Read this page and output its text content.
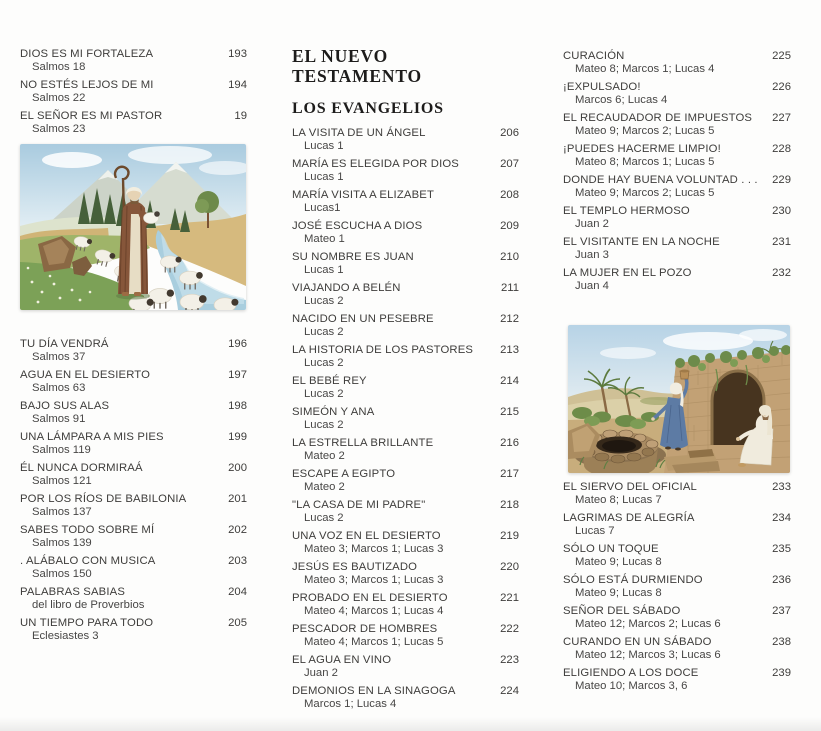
DIOS ES MI FORTALEZA
Salmos 18
193
NO ESTÉS LEJOS DE MI
Salmos 22
194
EL SEÑOR ES MI PASTOR
Salmos 23
19
TU DÍA VENDRÁ
Salmos 37
196
AGUA EN EL DESIERTO
Salmos 63
197
BAJO SUS ALAS
Salmos 91
198
UNA LÁMPARA A MIS PIES
Salmos 119
199
ÉL NUNCA DORMIRAÁ
Salmos 121
200
POR LOS RÍOS DE BABILONIA
Salmos 137
201
SABES TODO SOBRE MÍ
Salmos 139
202
. ALÁBALO CON MUSICA
Salmos 150
203
PALABRAS SABIAS
del libro de Proverbios
204
UN TIEMPO PARA TODO
Eclesiastes 3
205
EL NUEVO TESTAMENTO
LOS EVANGELIOS
LA VISITA DE UN ÁNGEL
Lucas 1
206
MARÍA ES ELEGIDA POR DIOS
Lucas 1
207
MARÍA VISITA A ELIZABET
Lucas1
208
JOSÉ ESCUCHA A DIOS
Mateo 1
209
SU NOMBRE ES JUAN
Lucas 1
210
VIAJANDO A BELÉN
Lucas 2
211
NACIDO EN UN PESEBRE
Lucas 2
212
LA HISTORIA DE LOS PASTORES
Lucas 2
213
EL BEBÉ REY
Lucas 2
214
SIMEÓN Y ANA
Lucas 2
215
LA ESTRELLA BRILLANTE
Mateo 2
216
ESCAPE A EGIPTO
Mateo 2
217
"LA CASA DE MI PADRE"
Lucas 2
218
UNA VOZ EN EL DESIERTO
Mateo 3; Marcos 1; Lucas 3
219
JESÚS ES BAUTIZADO
Mateo 3; Marcos 1; Lucas 3
220
PROBADO EN EL DESIERTO
Mateo 4; Marcos 1; Lucas 4
221
PESCADOR DE HOMBRES
Mateo 4; Marcos 1; Lucas 5
222
EL AGUA EN VINO
Juan 2
223
DEMONIOS EN LA SINAGOGA
Marcos 1; Lucas 4
224
CURACIÓN
Mateo 8; Marcos 1; Lucas 4
225
¡EXPULSADO!
Marcos 6; Lucas 4
226
EL RECAUDADOR DE IMPUESTOS
Mateo 9; Marcos 2; Lucas 5
227
¡PUEDES HACERME LIMPIO!
Mateo 8; Marcos 1; Lucas 5
228
DONDE HAY BUENA VOLUNTAD . . .
Mateo 9; Marcos 2; Lucas 5
229
EL TEMPLO HERMOSO
Juan 2
230
EL VISITANTE EN LA NOCHE
Juan 3
231
LA MUJER EN EL POZO
Juan 4
232
EL SIERVO DEL OFICIAL
Mateo 8; Lucas 7
233
LAGRIMAS DE ALEGRÍA
Lucas 7
234
SÓLO UN TOQUE
Mateo 9; Lucas 8
235
SÓLO ESTÁ DURMIENDO
Mateo 9; Lucas 8
236
SEÑOR DEL SÁBADO
Mateo 12; Marcos 2; Lucas 6
237
CURANDO EN UN SÁBADO
Mateo 12; Marcos 3; Lucas 6
238
ELIGIENDO A LOS DOCE
Mateo 10; Marcos 3, 6
239
